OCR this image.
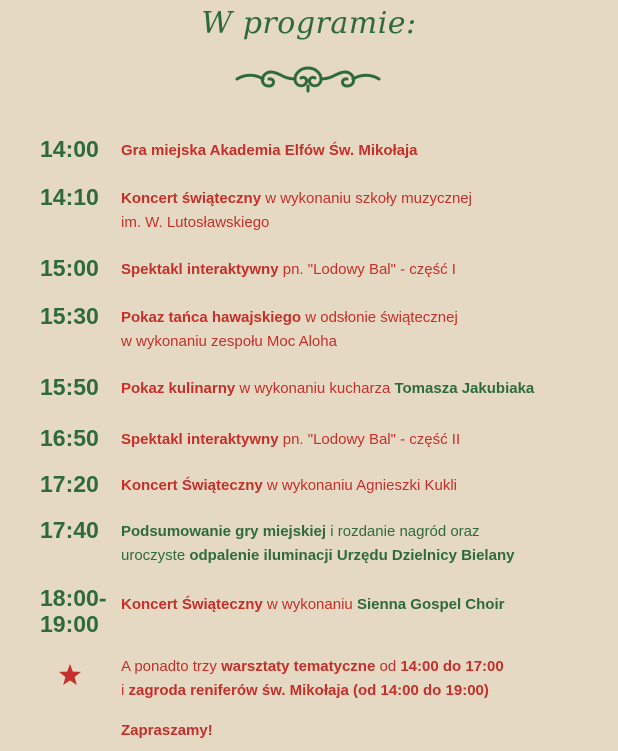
W programie:
14:00 Gra miejska Akademia Elfów Św. Mikołaja
14:10 Koncert świąteczny w wykonaniu szkoły muzycznej
im. W. Lutosławskiego
15:00 Spektakl interaktywny pn. "Lodowy Bal" - część I
15:30 Pokaz tańca hawajskiego w odsłonie świątecznej
w wykonaniu zespołu Moc Aloha
15:50 Pokaz kulinarny w wykonaniu kucharza Tomasza Jakubiaka
16:50 Spektakl interaktywny pn. "Lodowy Bal" - część II
17:20 Koncert Świąteczny w wykonaniu Agnieszki Kukli
17:40 Podsumowanie gry miejskiej i rozdanie nagród oraz
uroczyste odpalenie iluminacji Urzędu Dzielnicy Bielany
18:00-
19:00
Koncert Świąteczny w wykonaniu Sienna Gospel Choir
A ponadto trzy warsztaty tematyczne od 14:00 do 17:00
i zagroda reniferów św. Mikołaja (od 14:00 do 19:00)
Zapraszamy!
